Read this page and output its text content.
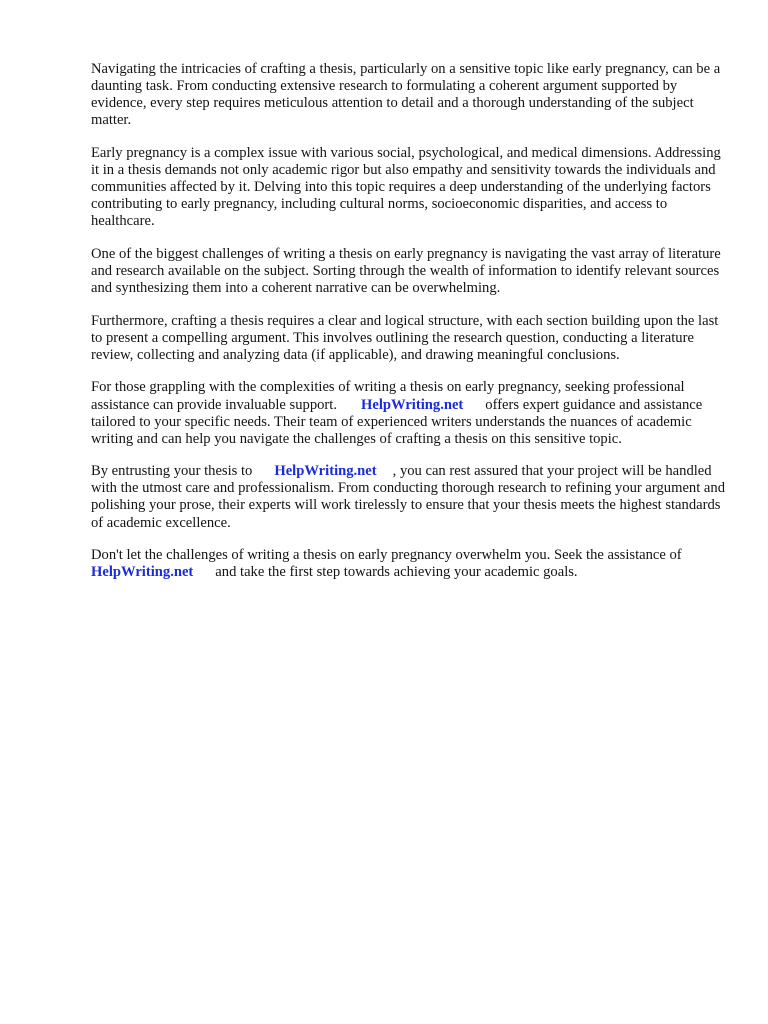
Navigating the intricacies of crafting a thesis, particularly on a sensitive topic like early pregnancy, can be a daunting task. From conducting extensive research to formulating a coherent argument supported by evidence, every step requires meticulous attention to detail and a thorough understanding of the subject matter.

Early pregnancy is a complex issue with various social, psychological, and medical dimensions. Addressing it in a thesis demands not only academic rigor but also empathy and sensitivity towards the individuals and communities affected by it. Delving into this topic requires a deep understanding of the underlying factors contributing to early pregnancy, including cultural norms, socioeconomic disparities, and access to healthcare.

One of the biggest challenges of writing a thesis on early pregnancy is navigating the vast array of literature and research available on the subject. Sorting through the wealth of information to identify relevant sources and synthesizing them into a coherent narrative can be overwhelming.

Furthermore, crafting a thesis requires a clear and logical structure, with each section building upon the last to present a compelling argument. This involves outlining the research question, conducting a literature review, collecting and analyzing data (if applicable), and drawing meaningful conclusions.

For those grappling with the complexities of writing a thesis on early pregnancy, seeking professional assistance can provide invaluable support. HelpWriting.net offers expert guidance and assistance tailored to your specific needs. Their team of experienced writers understands the nuances of academic writing and can help you navigate the challenges of crafting a thesis on this sensitive topic.

By entrusting your thesis to HelpWriting.net , you can rest assured that your project will be handled with the utmost care and professionalism. From conducting thorough research to refining your argument and polishing your prose, their experts will work tirelessly to ensure that your thesis meets the highest standards of academic excellence.

Don't let the challenges of writing a thesis on early pregnancy overwhelm you. Seek the assistance of HelpWriting.net and take the first step towards achieving your academic goals.
